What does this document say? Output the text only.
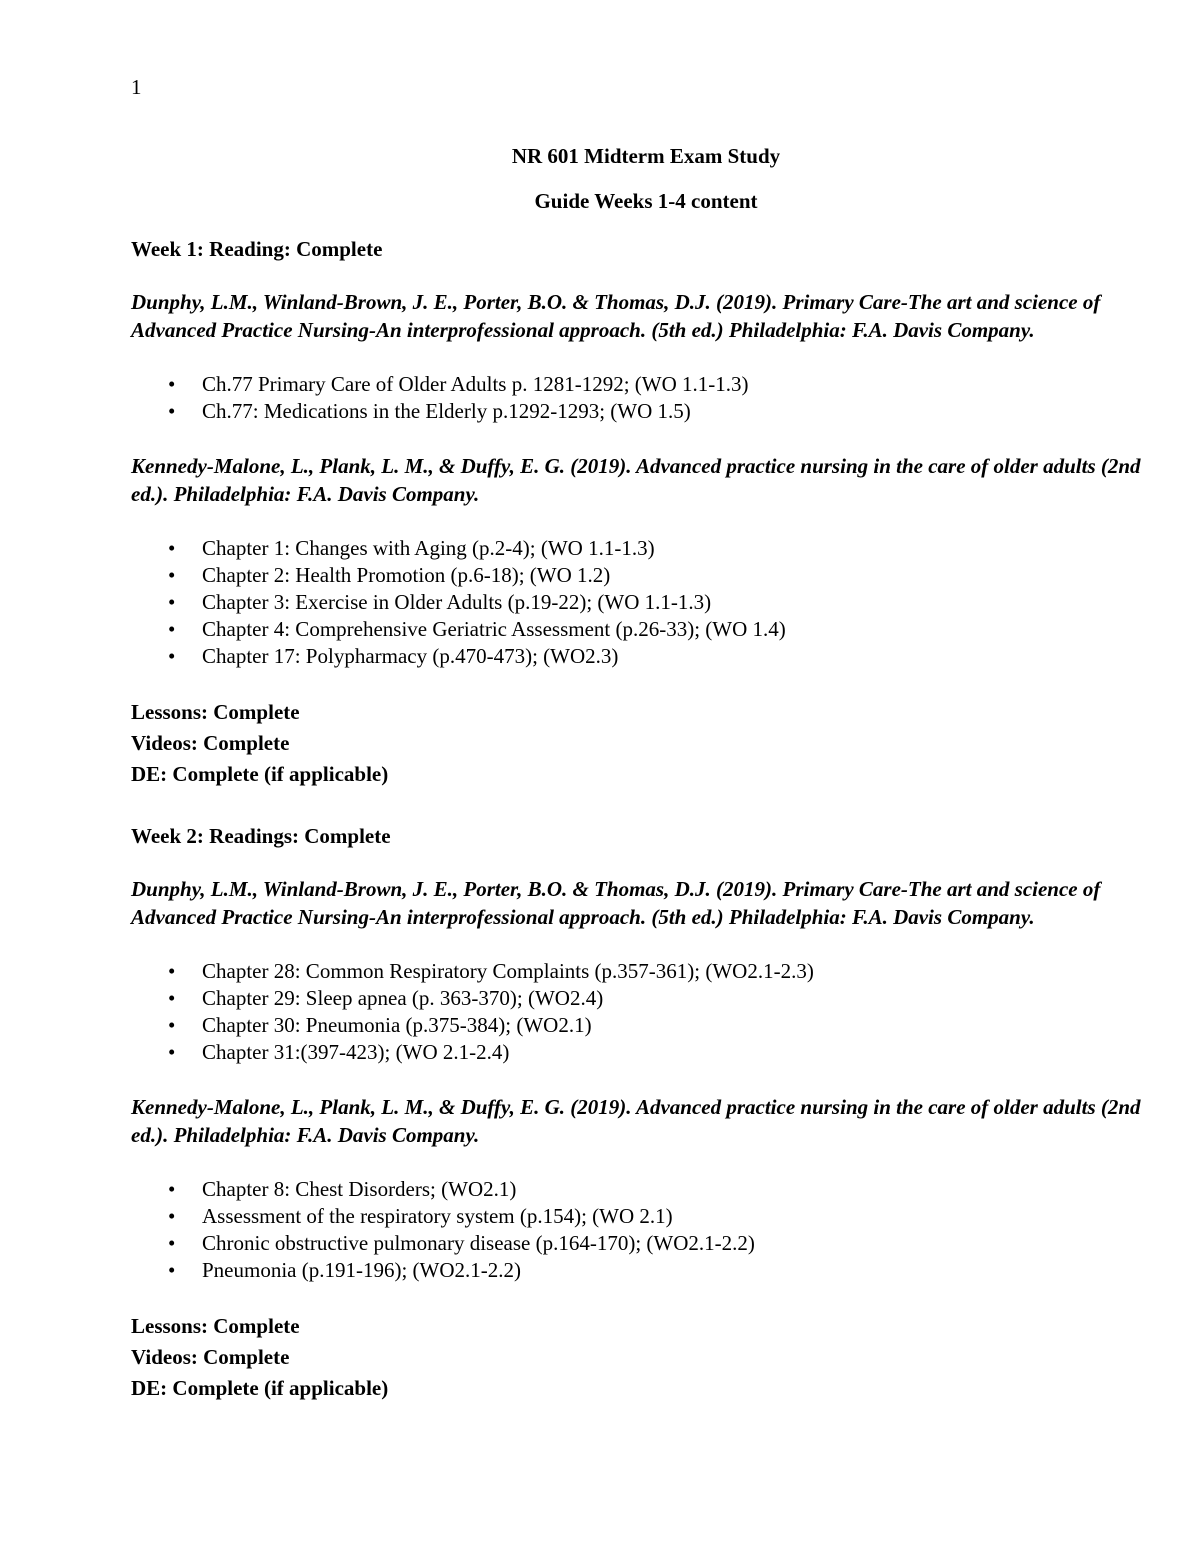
1

NR 601 Midterm Exam Study

Guide Weeks 1-4 content

Week 1: Reading: Complete

Dunphy, L.M., Winland-Brown, J. E., Porter, B.O. & Thomas, D.J. (2019). Primary Care-The art and science of Advanced Practice Nursing-An interprofessional approach. (5th ed.) Philadelphia: F.A. Davis Company.

• Ch.77 Primary Care of Older Adults p. 1281-1292; (WO 1.1-1.3)
• Ch.77: Medications in the Elderly p.1292-1293; (WO 1.5)

Kennedy-Malone, L., Plank, L. M., & Duffy, E. G. (2019). Advanced practice nursing in the care of older adults (2nd ed.). Philadelphia: F.A. Davis Company.

• Chapter 1: Changes with Aging (p.2-4); (WO 1.1-1.3)
• Chapter 2: Health Promotion (p.6-18); (WO 1.2)
• Chapter 3: Exercise in Older Adults (p.19-22); (WO 1.1-1.3)
• Chapter 4: Comprehensive Geriatric Assessment (p.26-33); (WO 1.4)
• Chapter 17: Polypharmacy (p.470-473); (WO2.3)
Lessons: Complete
Videos: Complete
DE: Complete (if applicable)

Week 2: Readings: Complete

Dunphy, L.M., Winland-Brown, J. E., Porter, B.O. & Thomas, D.J. (2019). Primary Care-The art and science of Advanced Practice Nursing-An interprofessional approach. (5th ed.) Philadelphia: F.A. Davis Company.

• Chapter 28: Common Respiratory Complaints (p.357-361); (WO2.1-2.3)
• Chapter 29: Sleep apnea (p. 363-370); (WO2.4)
• Chapter 30: Pneumonia (p.375-384); (WO2.1)
• Chapter 31:(397-423); (WO 2.1-2.4)

Kennedy-Malone, L., Plank, L. M., & Duffy, E. G. (2019). Advanced practice nursing in the care of older adults (2nd ed.). Philadelphia: F.A. Davis Company.

• Chapter 8: Chest Disorders; (WO2.1)
• Assessment of the respiratory system (p.154); (WO 2.1)
• Chronic obstructive pulmonary disease (p.164-170); (WO2.1-2.2)
• Pneumonia (p.191-196); (WO2.1-2.2)
Lessons: Complete
Videos: Complete
DE: Complete (if applicable)
